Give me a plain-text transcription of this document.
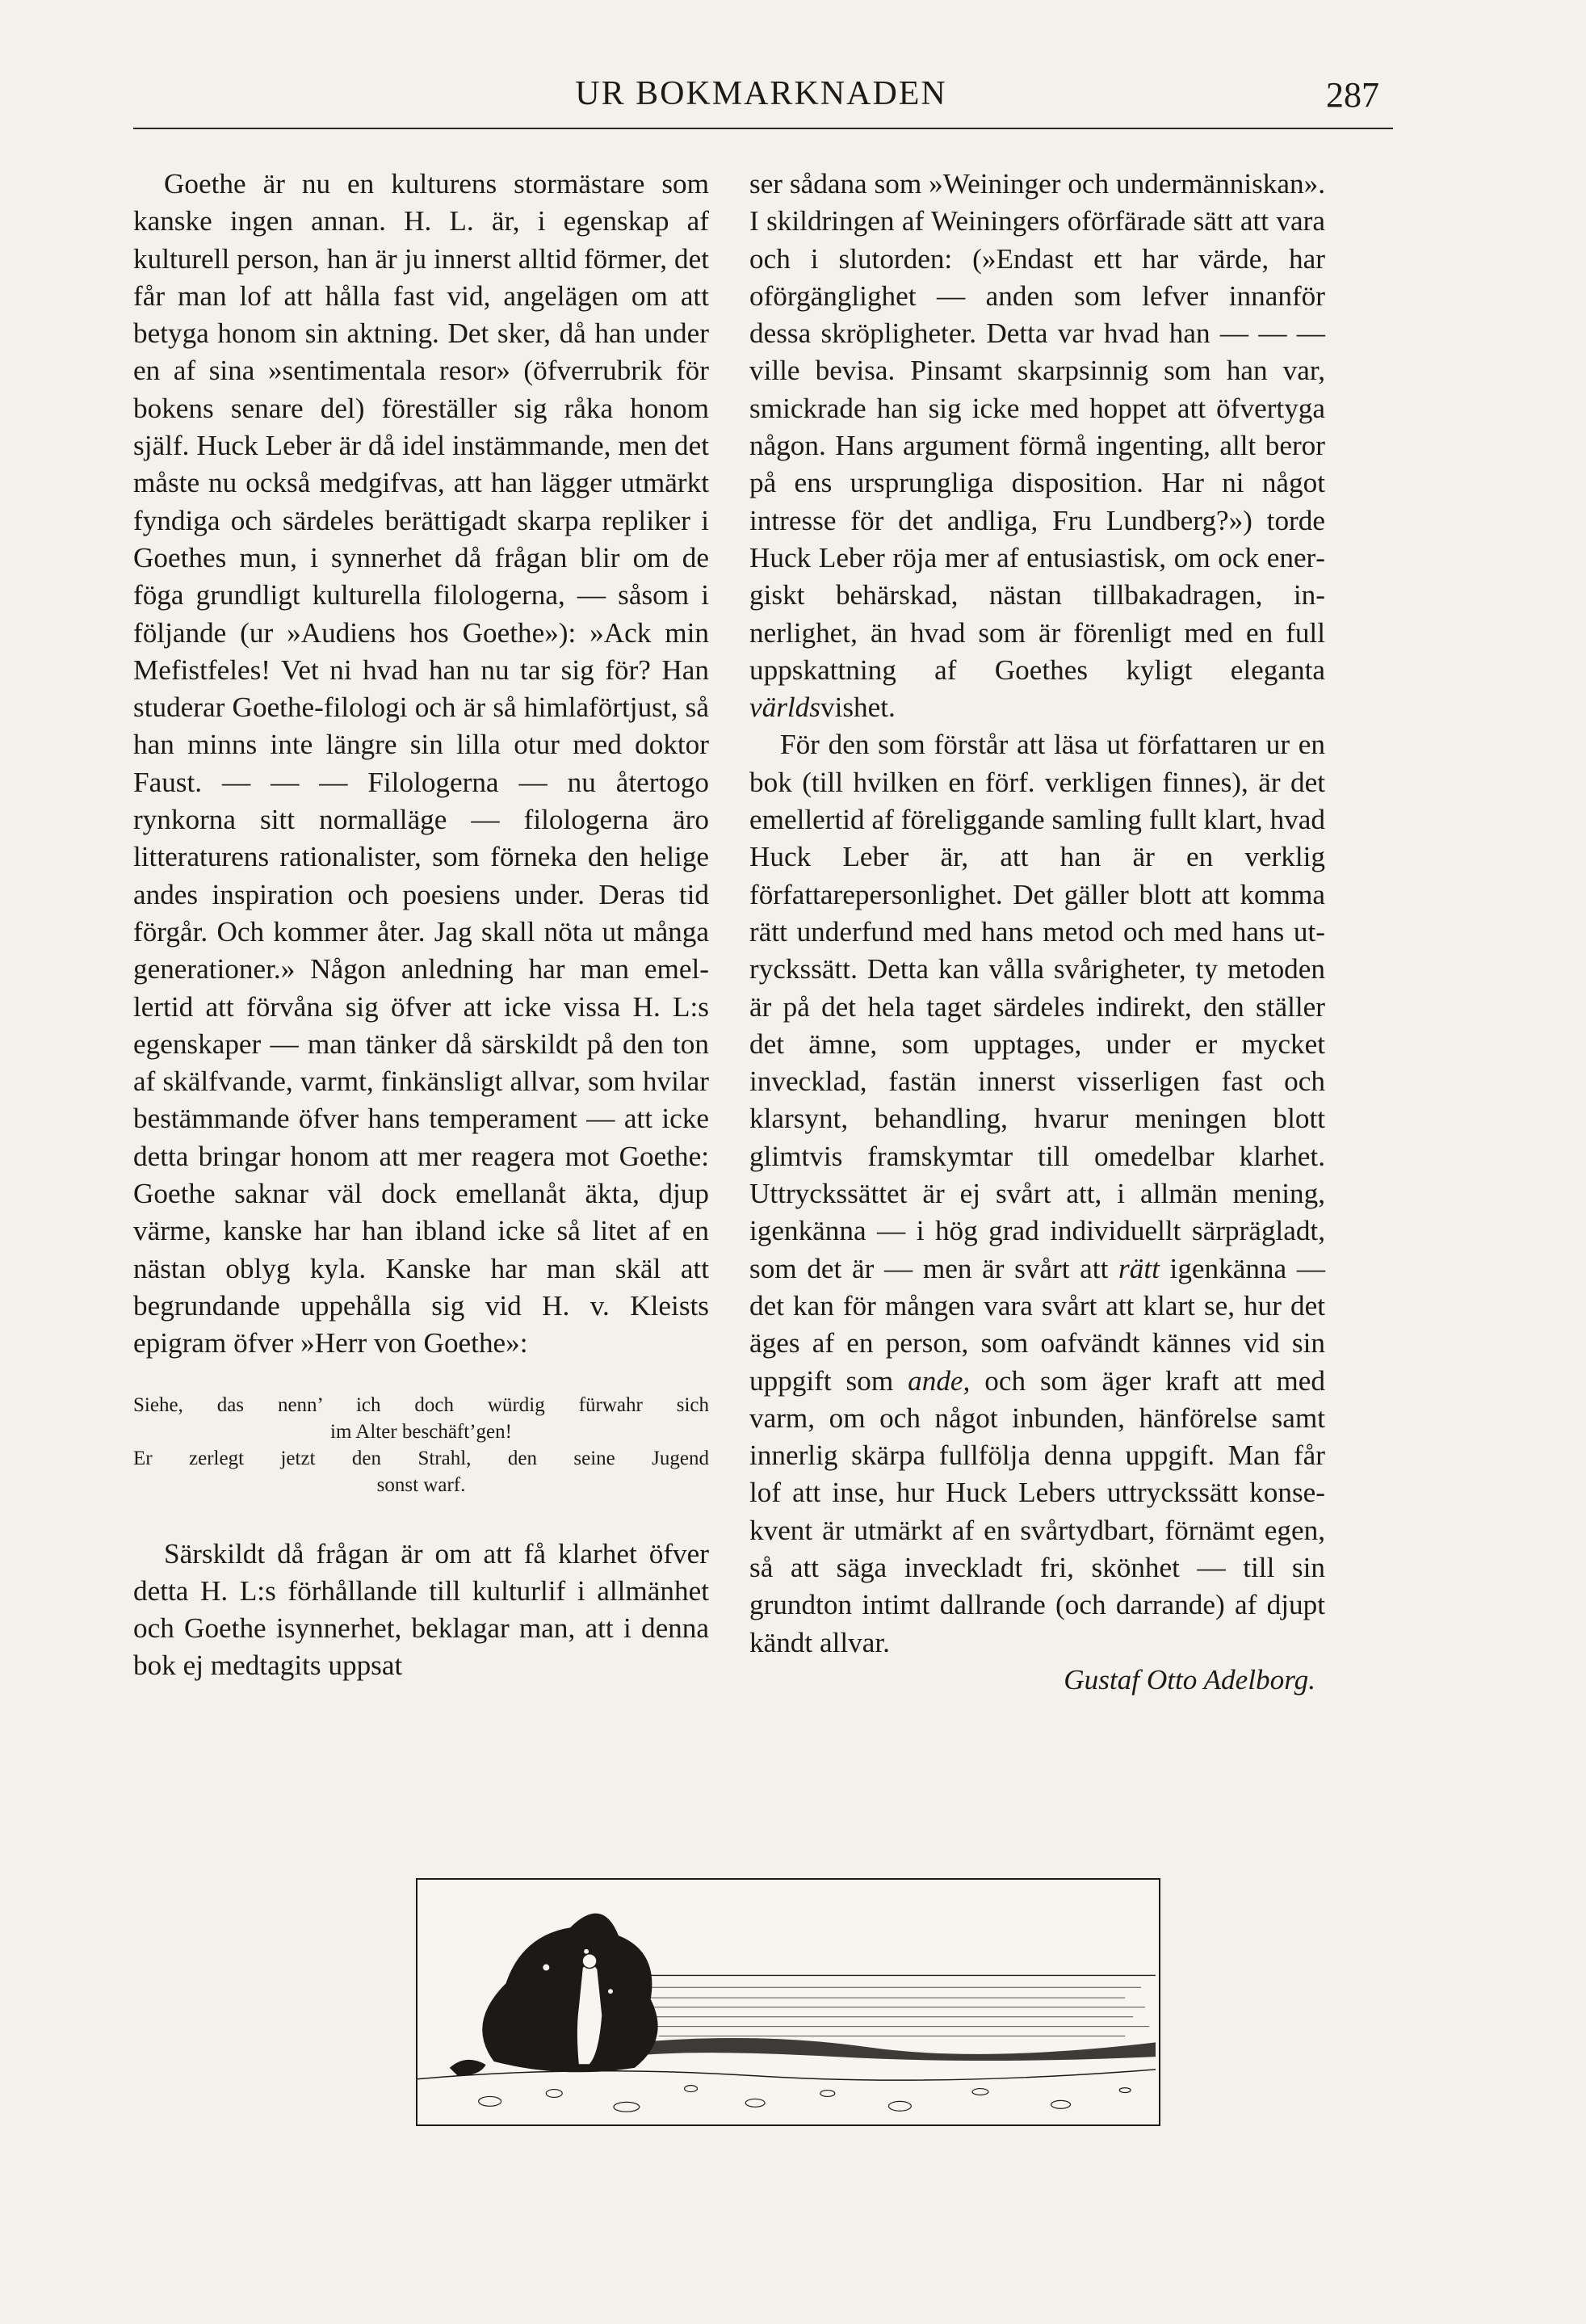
UR BOKMARKNADEN	287

Goethe är nu en kulturens stormästare som kanske ingen annan. H. L. är, i egenskap af kulturell person, han är ju innerst alltid förmer, det får man lof att hålla fast vid, angelägen om att betyga honom sin aktning. Det sker, då han under en af sina »sentimentala resor» (öfverrubrik för bokens senare del) föreställer sig råka honom själf. Huck Leber är då idel instämmande, men det måste nu också medgifvas, att han lägger utmärkt fyndiga och särdeles berättigadt skarpa repliker i Goethes mun, i synnerhet då frågan blir om de föga grundligt kulturella filologerna, — såsom i följande (ur »Audiens hos Goethe»): »Ack min Mefistfeles! Vet ni hvad han nu tar sig för? Han studerar Goethe-filologi och är så himlaförtjust, så han minns inte längre sin lilla otur med doktor Faust. — — — Filologerna — nu återtogo rynkorna sitt normalläge — filologerna äro litteraturens rationalister, som förneka den helige andes inspiration och poesiens under. Deras tid förgår. Och kommer åter. Jag skall nöta ut många generationer.» Någon anledning har man emellertid att förvåna sig öfver att icke vissa H. L:s egenskaper — man tänker då särskildt på den ton af skälfvande, varmt, finkänsligt allvar, som hvilar bestämmande öfver hans temperament — att icke detta bringar honom att mer reagera mot Goethe: Goethe saknar väl dock emellanåt äkta, djup värme, kanske har han ibland icke så litet af en nästan oblyg kyla. Kanske har man skäl att begrundande uppehålla sig vid H. v. Kleists epigram öfver »Herr von Goethe»:

Siehe, das nenn’ ich doch würdig fürwahr sich
im Alter beschäft’gen!
Er zerlegt jetzt den Strahl, den seine Jugend
sonst warf.

Särskildt då frågan är om att få klarhet öfver detta H. L:s förhållande till kulturlif i allmänhet och Goethe isynnerhet, beklagar man, att i denna bok ej medtagits uppsat

ser sådana som »Weininger och undermänniskan». I skildringen af Weiningers oförfärade sätt att vara och i slutorden: (»Endast ett har värde, har oförgänglighet — anden som lefver innanför dessa skröpligheter. Detta var hvad han — — — ville bevisa. Pinsamt skarpsinnig som han var, smickrade han sig icke med hoppet att öfvertyga någon. Hans argument förmå ingenting, allt beror på ens ursprungliga disposition. Har ni något intresse för det andliga, Fru Lundberg?») torde Huck Leber röja mer af entusiastisk, om ock energiskt behärskad, nästan tillbakadragen, innerlighet, än hvad som är förenligt med en full uppskattning af Goethes kyligt eleganta världsvishet.

För den som förstår att läsa ut författaren ur en bok (till hvilken en förf. verkligen finnes), är det emellertid af föreliggande samling fullt klart, hvad Huck Leber är, att han är en verklig författarepersonlighet. Det gäller blott att komma rätt underfund med hans metod och med hans utryckssätt. Detta kan vålla svårigheter, ty metoden är på det hela taget särdeles indirekt, den ställer det ämne, som upptages, under er mycket invecklad, fastän innerst visserligen fast och klarsynt, behandling, hvarur meningen blott glimtvis framskymtar till omedelbar klarhet. Uttryckssättet är ej svårt att, i allmän mening, igenkänna — i hög grad individuellt särprägladt, som det är — men är svårt att rätt igenkänna — det kan för mången vara svårt att klart se, hur det äges af en person, som oafvändt kännes vid sin uppgift som ande, och som äger kraft att med varm, om och något inbunden, hänförelse samt innerlig skärpa fullfölja denna uppgift. Man får lof att inse, hur Huck Lebers uttryckssätt konsekvent är utmärkt af en svårtydbart, förnämt egen, så att säga inveckladt fri, skönhet — till sin grundton intimt dallrande (och darrande) af djupt kändt allvar.

Gustaf Otto Adelborg.
